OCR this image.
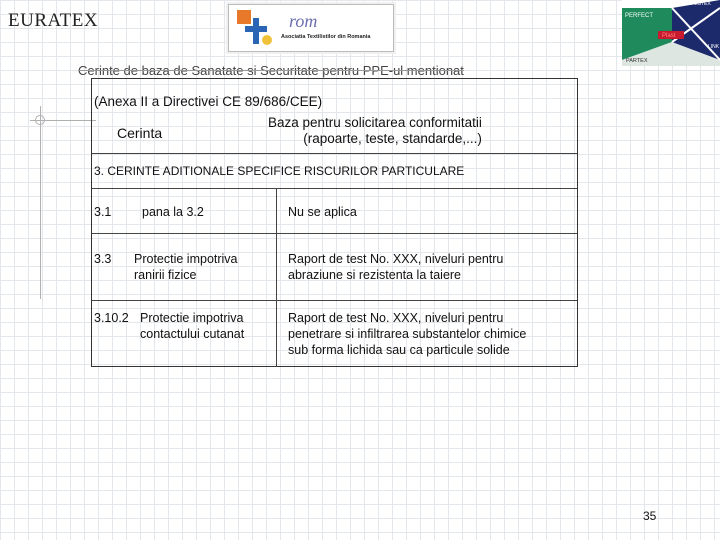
EURATEX	rom
Asociatia Textilistilor din Romania
PESTEX
PERFECT
Plast
LINK
PARTEX
Cerinte de baza de Sanatate si Securitate pentru PPE-ul mentionat
(Anexa II a Directivei CE 89/686/CEE)
Cerinta
Baza pentru solicitarea conformitatii
(rapoarte, teste, standarde,...)
3. CERINTE ADITIONALE SPECIFICE RISCURILOR PARTICULARE
3.1 pana la 3.2	Nu se aplica
3.3 Protectie impotriva
ranirii fizice
Raport de test No. XXX, niveluri pentru
abraziune si rezistenta la taiere
3.10.2 Protectie impotriva
contactului cutanat
Raport de test No. XXX, niveluri pentru
penetrare si infiltrarea substantelor chimice
sub forma lichida sau ca particule solide
35
